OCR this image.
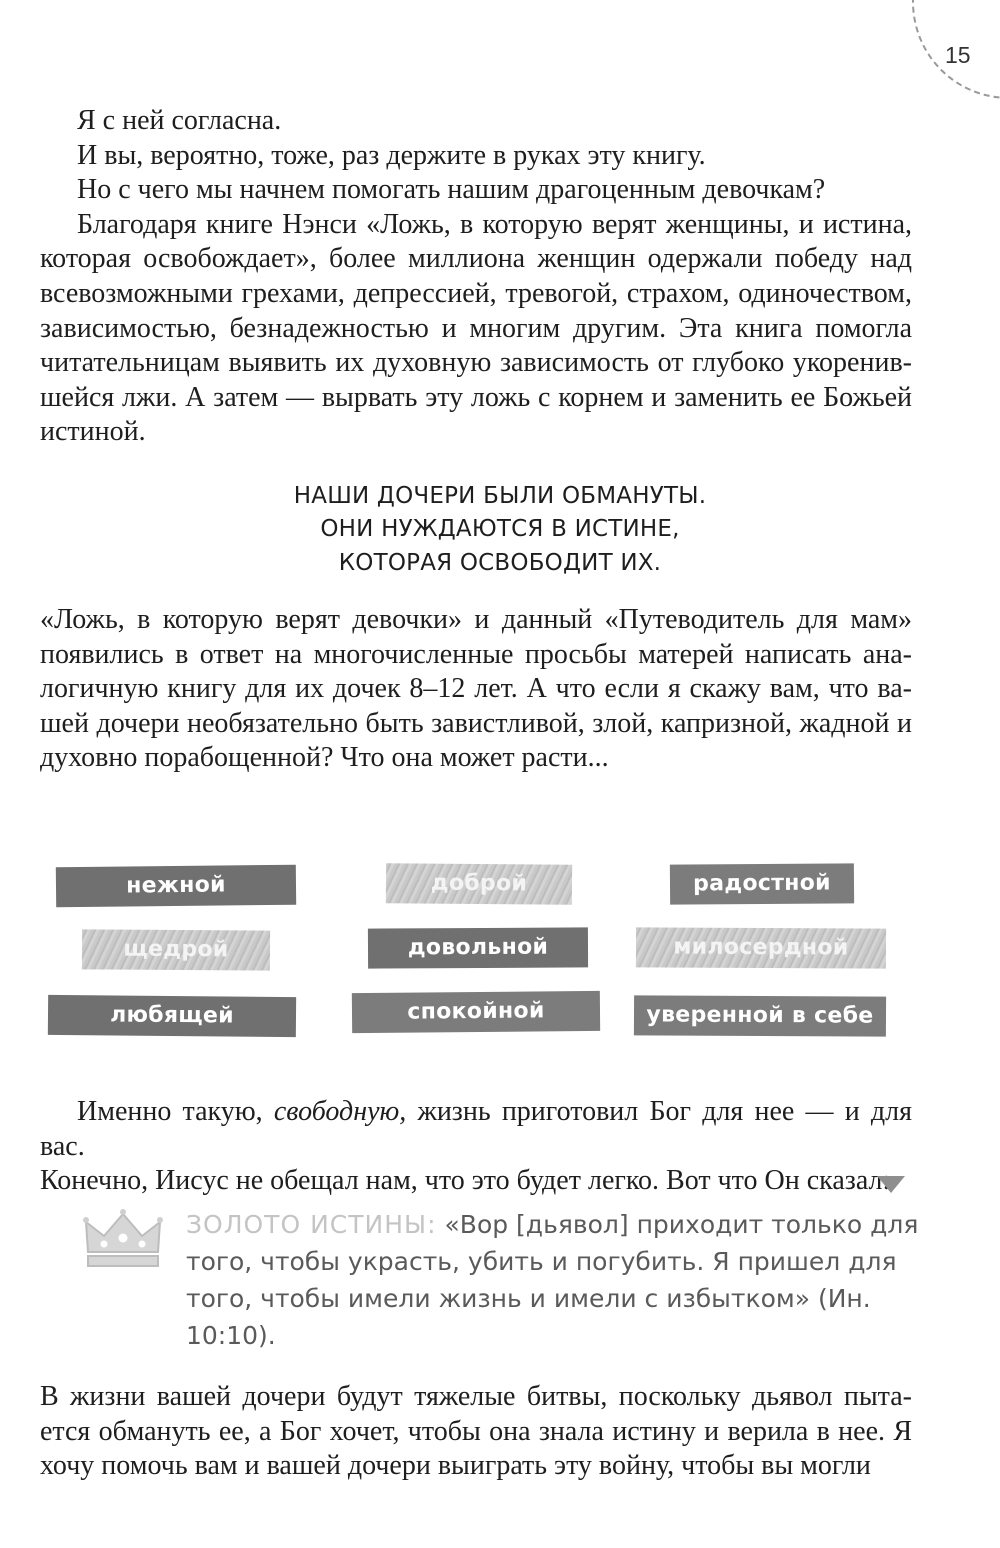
15

Я с ней согласна.

И вы, вероятно, тоже, раз держите в руках эту книгу.

Но с чего мы начнем помогать нашим драгоценным девочкам?

Благодаря книге Нэнси «Ложь, в которую верят женщины, и истина, которая освобождает», более миллиона женщин одержали победу над всевозможными грехами, депрессией, тревогой, страхом, одиночеством, зависимостью, безнадежностью и многим другим. Эта книга помогла читательницам выявить их духовную зависимость от глубоко укоренившейся лжи. А затем — вырвать эту ложь с корнем и заменить ее Божьей истиной.

НАШИ ДОЧЕРИ БЫЛИ ОБМАНУТЫ.
ОНИ НУЖДАЮТСЯ В ИСТИНЕ,
КОТОРАЯ ОСВОБОДИТ ИХ.

«Ложь, в которую верят девочки» и данный «Путеводитель для мам» появились в ответ на многочисленные просьбы матерей написать аналогичную книгу для их дочек 8–12 лет. А что если я скажу вам, что вашей дочери необязательно быть завистливой, злой, капризной, жадной и духовно порабощенной? Что она может расти...

нежной	доброй	радостной
щедрой	довольной	милосердной
любящей	спокойной	уверенной в себе

Именно такую, свободную, жизнь приготовил Бог для нее — и для вас.

Конечно, Иисус не обещал нам, что это будет легко. Вот что Он сказал:

ЗОЛОТО ИСТИНЫ: «Вор [дьявол] приходит только для того, чтобы украсть, убить и погубить. Я пришел для того, чтобы имели жизнь и имели с избытком» (Ин. 10:10).

В жизни вашей дочери будут тяжелые битвы, поскольку дьявол пытается обмануть ее, а Бог хочет, чтобы она знала истину и верила в нее. Я хочу помочь вам и вашей дочери выиграть эту войну, чтобы вы могли
